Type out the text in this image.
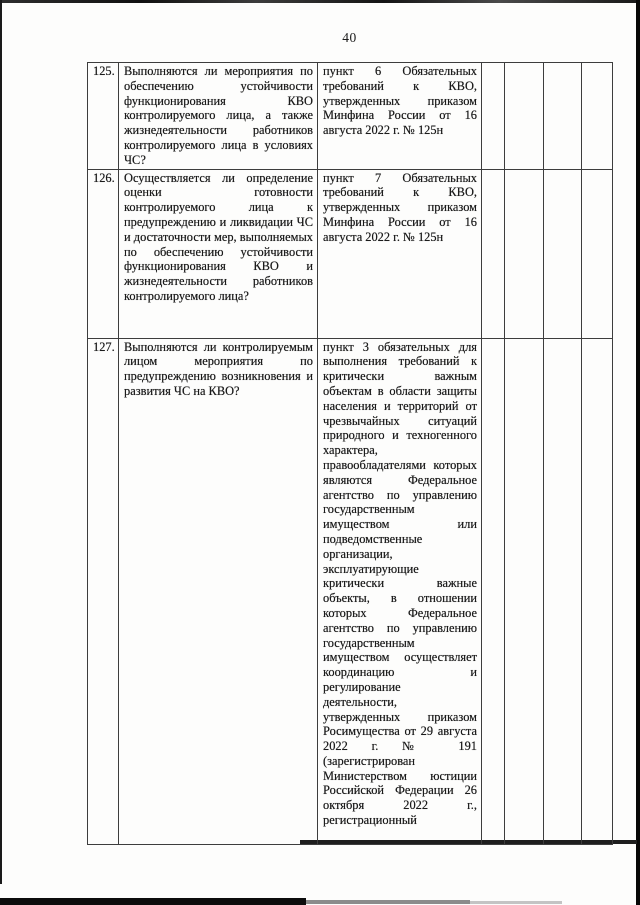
40
125.	Выполняются ли мероприятия по обеспечению устойчивости функционирования КВО контролируемого лица, а также жизнедеятельности работников контролируемого лица в условиях ЧС?	пункт 6 Обязательных требований к КВО, утвержденных приказом Минфина России от 16 августа 2022 г. № 125н				
126.	Осуществляется ли определение оценки готовности контролируемого лица к предупреждению и ликвидации ЧС и достаточности мер, выполняемых по обеспечению устойчивости функционирования КВО и жизнедеятельности работников контролируемого лица?	пункт 7 Обязательных требований к КВО, утвержденных приказом Минфина России от 16 августа 2022 г. № 125н				
127.	Выполняются ли контролируемым лицом мероприятия по предупреждению возникновения и развития ЧС на КВО?	пункт 3 обязательных для выполнения требований к критически важным объектам в области защиты населения и территорий от чрезвычайных ситуаций природного и техногенного характера, правообладателями которых являются Федеральное агентство по управлению государственным имуществом или подведомственные организации, эксплуатирующие критически важные объекты, в отношении которых Федеральное агентство по управлению государственным имуществом осуществляет координацию и регулирование деятельности, утвержденных приказом Росимущества от 29 августа 2022 г. № 191 (зарегистрирован Министерством юстиции Российской Федерации 26 октября 2022 г., регистрационный				
